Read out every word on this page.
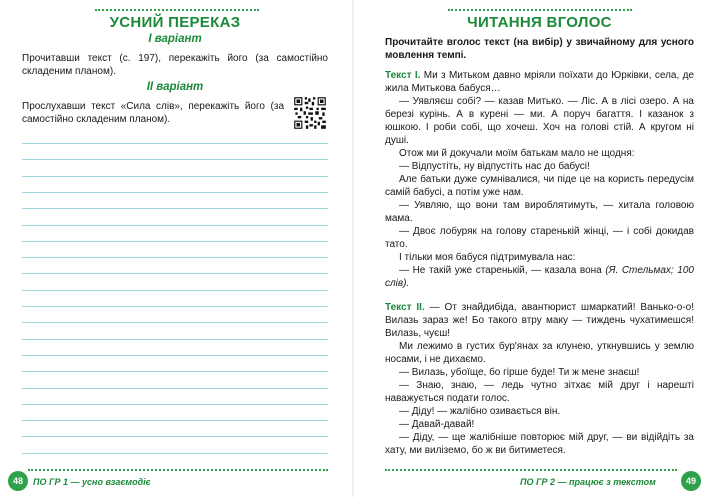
УСНИЙ ПЕРЕКАЗ
I варіант
Прочитавши текст (с. 197), перекажіть його (за самостійно складеним планом).
II варіант
Прослухавши текст «Сила слів», перекажіть його (за самостійно складеним планом).
48	ПО ГР 1 — усно взаємодіє
ЧИТАННЯ ВГОЛОС

Прочитайте вголос текст (на вибір) у звичайному для усного мовлення темпі.

Текст I. Ми з Митьком давно мріяли поїхати до Юрківки, села, де жила Митькова бабуся…

— Уявляєш собі? — казав Митько. — Ліс. А в лісі озеро. А на березі курінь. А в курені — ми. А поруч багаття. І казанок з юшкою. І роби собі, що хочеш. Хоч на голові стій. А кругом ні душі.

Отож ми й докучали моїм батькам мало не щодня:

— Відпустіть, ну відпустіть нас до бабусі!

Але батьки дуже сумнівалися, чи піде це на користь передусім самій бабусі, а потім уже нам.

— Уявляю, що вони там вироблятимуть, — хитала головою мама.

— Двоє лобуряк на голову старенькій жінці, — і собі докидав тато.

І тільки моя бабуся підтримувала нас:

— Не такій уже старенькій, — казала вона (Я. Стельмах; 100 слів).

Текст II. — От знайдибіда, авантюрист шмаркатий! Ванько-о-о! Вилазь зараз же! Бо такого втру маку — тиждень чухатимешся! Вилазь, чуєш!

Ми лежимо в густих бур'янах за клунею, уткнувшись у землю носами, і не дихаємо.

— Вилазь, убоїще, бо гірше буде! Ти ж мене знаєш!

— Знаю, знаю, — ледь чутно зітхає мій друг і нарешті наважується подати голос.

— Діду! — жалібно озивається він.

— Давай-давай!

— Діду, — ще жалібніше повторює мій друг, — ви відійдіть за хату, ми виліземо, бо ж ви битиметеся.

ПО ГР 2 — працює з текстом	49
